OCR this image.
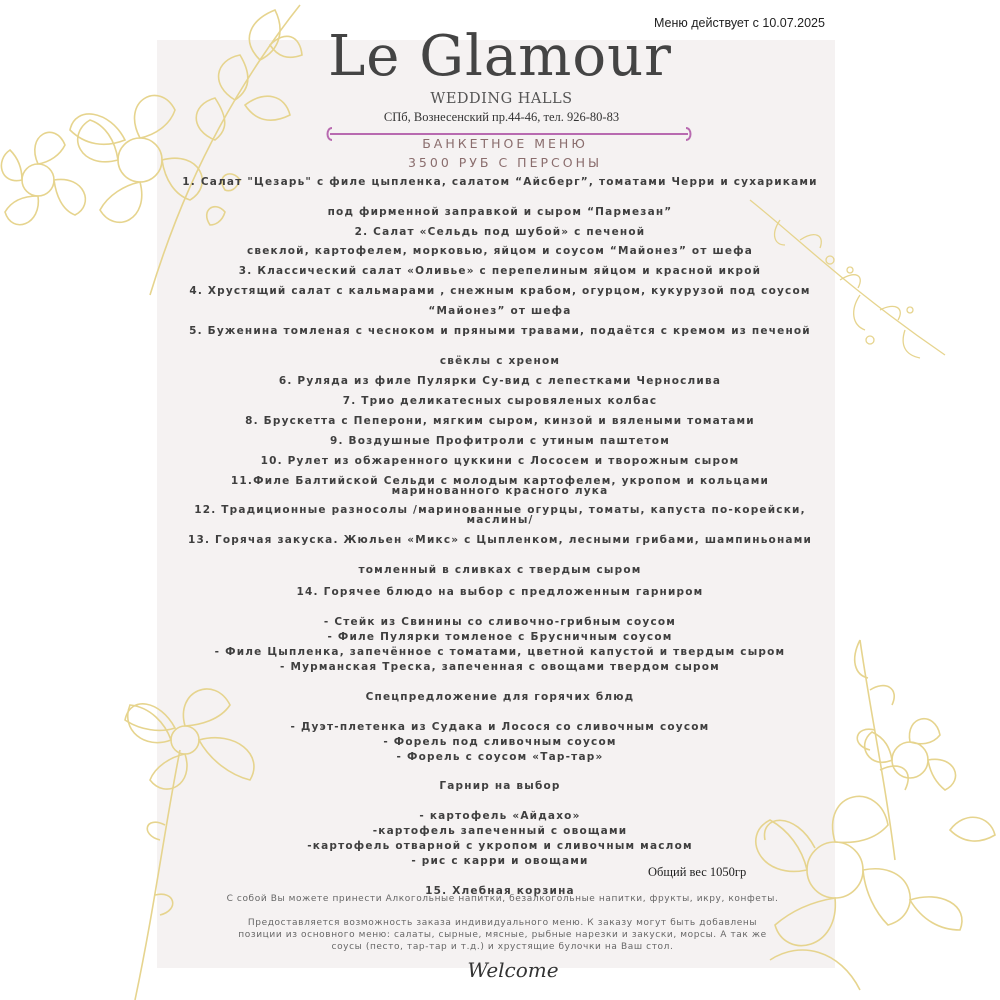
Меню действует с 10.07.2025
Le Glamour
WEDDING HALLS
СПб, Вознесенский пр.44-46, тел. 926-80-83
БАНКЕТНОЕ МЕНЮ
3500 РУБ С ПЕРСОНЫ
1. Салат "Цезарь" с филе цыпленка, салатом “Айсберг”, томатами Черри и сухариками
под фирменной заправкой и сыром “Пармезан”
2. Салат «Сельдь под шубой» с печеной
свеклой, картофелем, морковью, яйцом и соусом “Майонез” от шефа
3. Классический салат «Оливье» с перепелиным яйцом и красной икрой
4. Хрустящий салат с кальмарами , снежным крабом, огурцом, кукурузой под соусом
“Майонез” от шефа
5. Буженина томленая с чесноком и пряными травами, подаётся с кремом из печеной
свёклы с хреном
6. Руляда из филе Пулярки Су-вид с лепестками Чернослива
7. Трио деликатесных сыровяленых колбас
8. Брускетта с Пеперони, мягким сыром, кинзой и вялеными томатами
9. Воздушные Профитроли с утиным паштетом
10. Рулет из обжаренного цуккини с Лососем и творожным сыром
11.Филе Балтийской Сельди с молодым картофелем, укропом и кольцами маринованного красного лука
12. Традиционные разносолы /маринованные огурцы, томаты, капуста по-корейски, маслины/
13. Горячая закуска. Жюльен «Микс» с Цыпленком, лесными грибами, шампиньонами
томленный в сливках с твердым сыром
14. Горячее блюдо на выбор с предложенным гарниром
- Стейк из Свинины со сливочно-грибным соусом
- Филе Пулярки томленое с Брусничным соусом
- Филе Цыпленка, запечённое с томатами, цветной капустой и твердым сыром
- Мурманская Треска, запеченная с овощами твердом сыром
Спецпредложение для горячих блюд
- Дуэт-плетенка из Судака и Лосося со сливочным соусом
- Форель под сливочным соусом
- Форель с соусом «Тар-тар»
Гарнир на выбор
- картофель «Айдахо»
-картофель запеченный с овощами
-картофель отварной с укропом и сливочным маслом
- рис с карри и овощами
15. Хлебная корзина
Общий вес 1050гр
С собой Вы можете принести Алкогольные напитки, безалкогольные напитки, фрукты, икру, конфеты.
Предоставляется возможность заказа индивидуального меню. К заказу могут быть добавлены позиции из основного меню: салаты, сырные, мясные, рыбные нарезки и закуски, морсы. А так же соусы (песто, тар-тар и т.д.) и хрустящие булочки на Ваш стол.
Welcome
